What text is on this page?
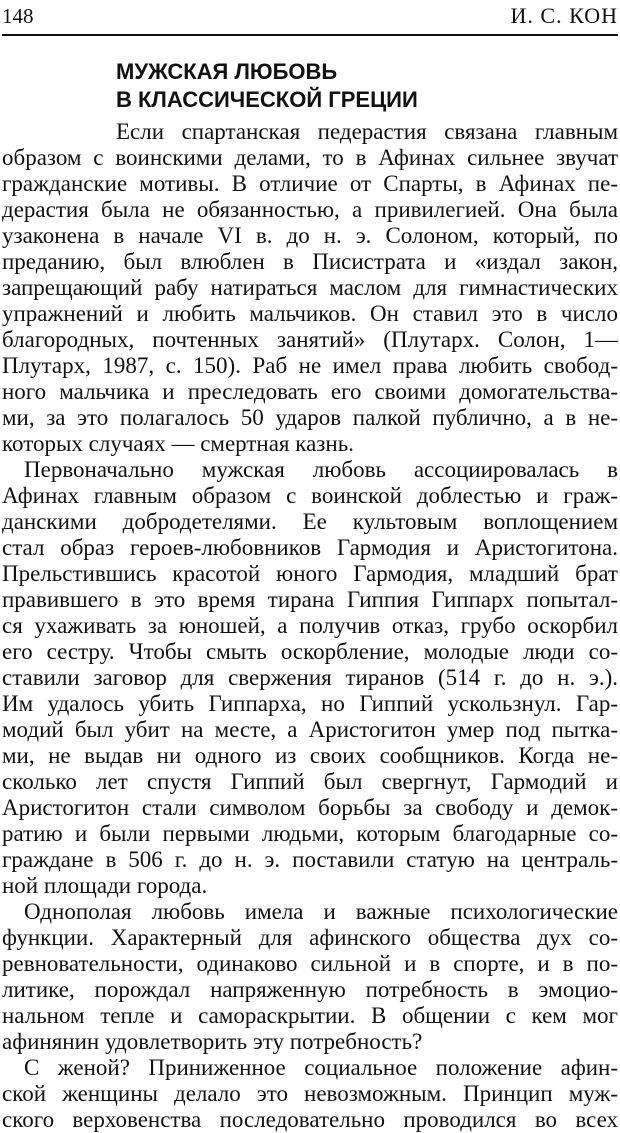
148	И. С. КОН
МУЖСКАЯ ЛЮБОВЬ
В КЛАССИЧЕСКОЙ ГРЕЦИИ
Если спартанская педерастия связана главным
образом с воинскими делами, то в Афинах сильнее звучат
гражданские мотивы. В отличие от Спарты, в Афинах пе-
дерастия была не обязанностью, а привилегией. Она была
узаконена в начале VI в. до н. э. Солоном, который, по
преданию, был влюблен в Писистрата и «издал закон,
запрещающий рабу натираться маслом для гимнастических
упражнений и любить мальчиков. Он ставил это в число
благородных, почтенных занятий» (Плутарх. Солон, 1—
Плутарх, 1987, с. 150). Раб не имел права любить свобод-
ного мальчика и преследовать его своими домогательства-
ми, за это полагалось 50 ударов палкой публично, а в не-
которых случаях — смертная казнь.
Первоначально мужская любовь ассоциировалась в
Афинах главным образом с воинской доблестью и граж-
данскими добродетелями. Ее культовым воплощением
стал образ героев-любовников Гармодия и Аристогитона.
Прельстившись красотой юного Гармодия, младший брат
правившего в это время тирана Гиппия Гиппарх попытал-
ся ухаживать за юношей, а получив отказ, грубо оскорбил
его сестру. Чтобы смыть оскорбление, молодые люди со-
ставили заговор для свержения тиранов (514 г. до н. э.).
Им удалось убить Гиппарха, но Гиппий ускользнул. Гар-
модий был убит на месте, а Аристогитон умер под пытка-
ми, не выдав ни одного из своих сообщников. Когда не-
сколько лет спустя Гиппий был свергнут, Гармодий и
Аристогитон стали символом борьбы за свободу и демок-
ратию и были первыми людьми, которым благодарные со-
граждане в 506 г. до н. э. поставили статую на централь-
ной площади города.
Однополая любовь имела и важные психологические
функции. Характерный для афинского общества дух со-
ревновательности, одинаково сильной и в спорте, и в по-
литике, порождал напряженную потребность в эмоцио-
нальном тепле и самораскрытии. В общении с кем мог
афинянин удовлетворить эту потребность?
С женой? Приниженное социальное положение афин-
ской женщины делало это невозможным. Принцип муж-
ского верховенства последовательно проводился во всех
